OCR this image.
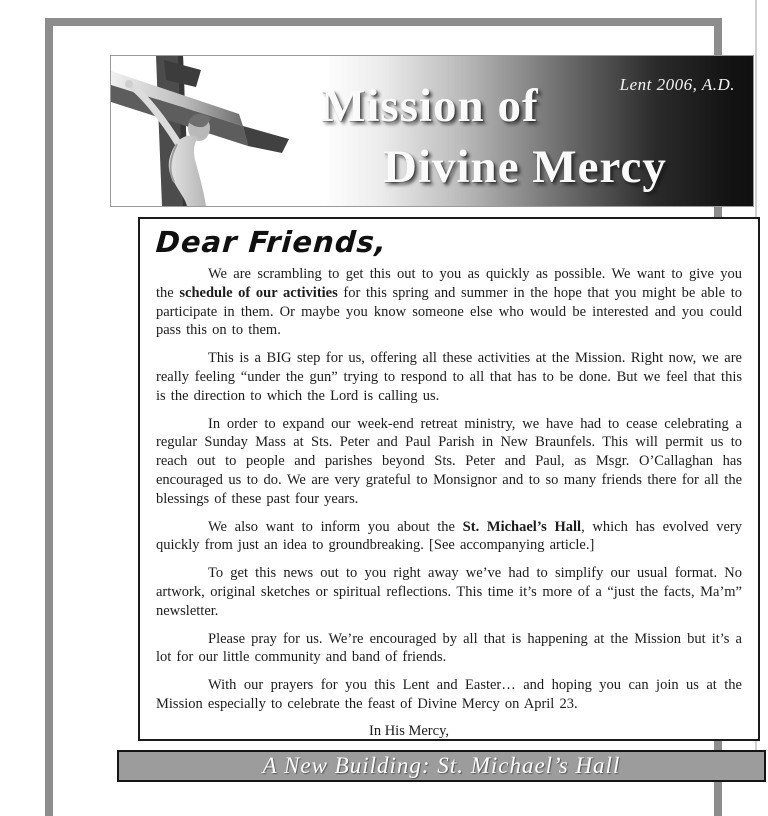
Lent 2006, A.D.
Mission of
Divine Mercy
Dear Friends,

We are scrambling to get this out to you as quickly as possible. We want to give you the schedule of our activities for this spring and summer in the hope that you might be able to participate in them. Or maybe you know someone else who would be interested and you could pass this on to them.

This is a BIG step for us, offering all these activities at the Mission. Right now, we are really feeling “under the gun” trying to respond to all that has to be done. But we feel that this is the direction to which the Lord is calling us.

In order to expand our week-end retreat ministry, we have had to cease celebrating a regular Sunday Mass at Sts. Peter and Paul Parish in New Braunfels. This will permit us to reach out to people and parishes beyond Sts. Peter and Paul, as Msgr. O’Callaghan has encouraged us to do. We are very grateful to Monsignor and to so many friends there for all the blessings of these past four years.

We also want to inform you about the St. Michael’s Hall, which has evolved very quickly from just an idea to groundbreaking. [See accompanying article.]

To get this news out to you right away we’ve had to simplify our usual format. No artwork, original sketches or spiritual reflections. This time it’s more of a “just the facts, Ma’m” newsletter.

Please pray for us. We’re encouraged by all that is happening at the Mission but it’s a lot for our little community and band of friends.

With our prayers for you this Lent and Easter… and hoping you can join us at the Mission especially to celebrate the feast of Divine Mercy on April 23.

In His Mercy,
A New Building: St. Michael’s Hall
